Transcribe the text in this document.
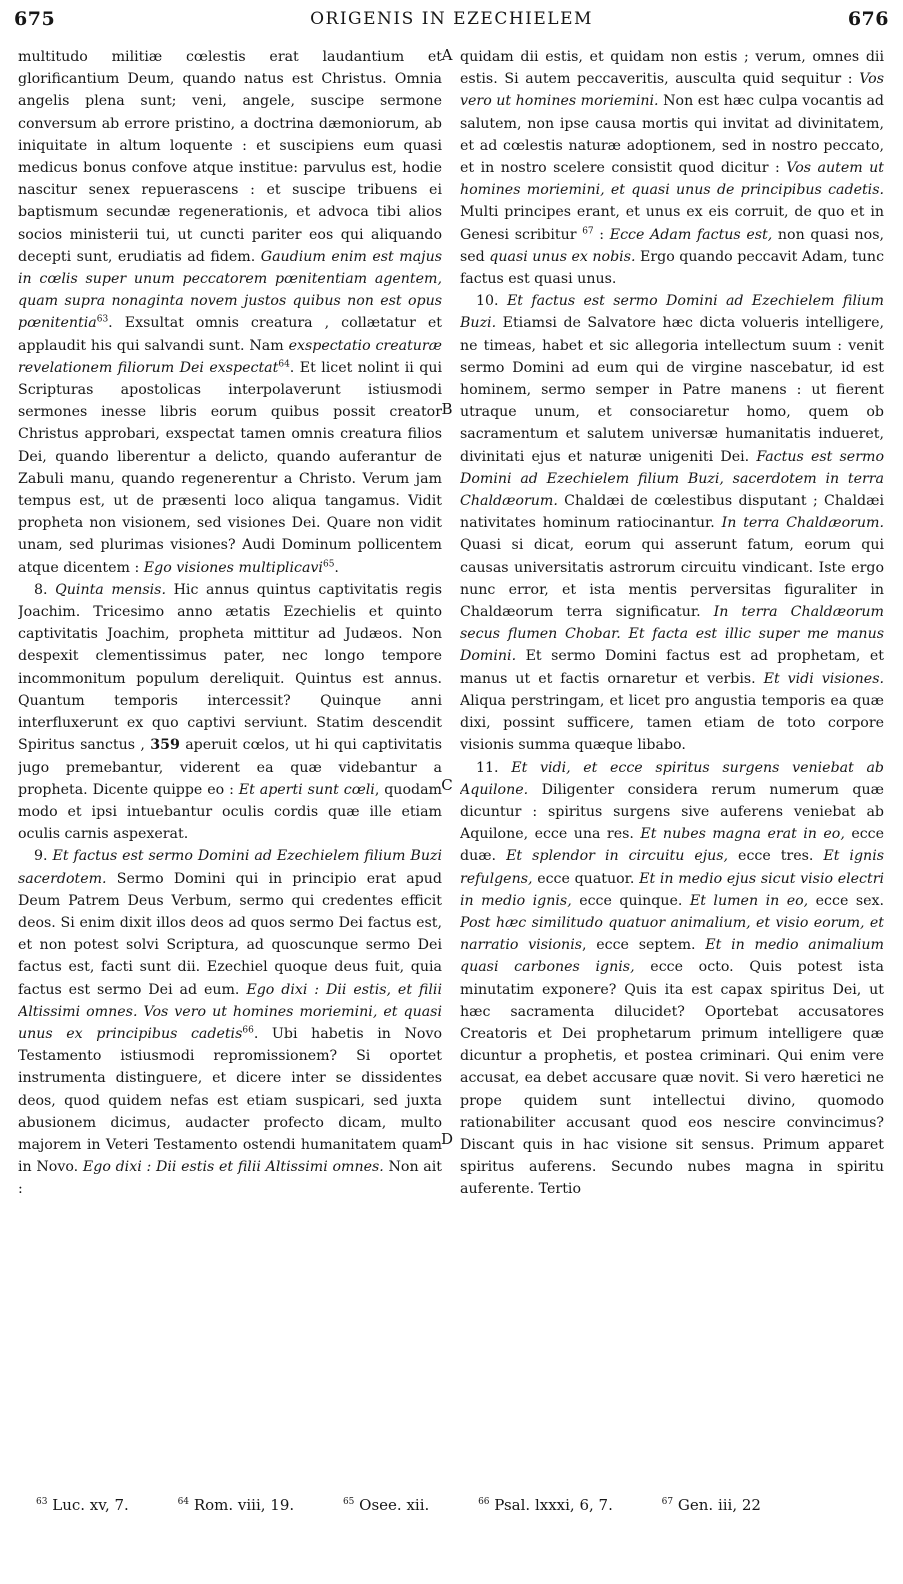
675	ORIGENIS IN EZECHIELEM	676
A
B
C
D

multitudo militiæ cœlestis erat laudantium et glorificantium Deum, quando natus est Christus. Omnia angelis plena sunt; veni, angele, suscipe sermone conversum ab errore pristino, a doctrina dæmoniorum, ab iniquitate in altum loquente : et suscipiens eum quasi medicus bonus confove atque institue: parvulus est, hodie nascitur senex repuerascens : et suscipe tribuens ei baptismum secundæ regenerationis, et advoca tibi alios socios ministerii tui, ut cuncti pariter eos qui aliquando decepti sunt, erudiatis ad fidem. Gaudium enim est majus in cœlis super unum peccatorem pœnitentiam agentem, quam supra nonaginta novem justos quibus non est opus pœnitentia$^{63}$. Exsultat omnis creatura , collætatur et applaudit his qui salvandi sunt. Nam exspectatio creaturæ revelationem filiorum Dei exspectat$^{64}$. Et licet nolint ii qui Scripturas apostolicas interpolaverunt istiusmodi sermones inesse libris eorum quibus possit creator Christus approbari, exspectat tamen omnis creatura filios Dei, quando liberentur a delicto, quando auferantur de Zabuli manu, quando regenerentur a Christo. Verum jam tempus est, ut de præsenti loco aliqua tangamus. Vidit propheta non visionem, sed visiones Dei. Quare non vidit unam, sed plurimas visiones? Audi Dominum pollicentem atque dicentem : Ego visiones multiplicavi$^{65}$.

8. Quinta mensis. Hic annus quintus captivitatis regis Joachim. Tricesimo anno ætatis Ezechielis et quinto captivitatis Joachim, propheta mittitur ad Judæos. Non despexit clementissimus pater, nec longo tempore incommonitum populum dereliquit. Quintus est annus. Quantum temporis intercessit? Quinque anni interfluxerunt ex quo captivi serviunt. Statim descendit Spiritus sanctus , 359 aperuit cœlos, ut hi qui captivitatis jugo premebantur, viderent ea quæ videbantur a propheta. Dicente quippe eo : Et aperti sunt cœli, quodam modo et ipsi intuebantur oculis cordis quæ ille etiam oculis carnis aspexerat.

9. Et factus est sermo Domini ad Ezechielem filium Buzi sacerdotem. Sermo Domini qui in principio erat apud Deum Patrem Deus Verbum, sermo qui credentes efficit deos. Si enim dixit illos deos ad quos sermo Dei factus est, et non potest solvi Scriptura, ad quoscunque sermo Dei factus est, facti sunt dii. Ezechiel quoque deus fuit, quia factus est sermo Dei ad eum. Ego dixi : Dii estis, et filii Altissimi omnes. Vos vero ut homines moriemini, et quasi unus ex principibus cadetis$^{66}$. Ubi habetis in Novo Testamento istiusmodi repromissionem? Si oportet instrumenta distinguere, et dicere inter se dissidentes deos, quod quidem nefas est etiam suspicari, sed juxta abusionem dicimus, audacter profecto dicam, multo majorem in Veteri Testamento ostendi humanitatem quam in Novo. Ego dixi : Dii estis et filii Altissimi omnes. Non ait :

quidam dii estis, et quidam non estis ; verum, omnes dii estis. Si autem peccaveritis, ausculta quid sequitur : Vos vero ut homines moriemini. Non est hæc culpa vocantis ad salutem, non ipse causa mortis qui invitat ad divinitatem, et ad cœlestis naturæ adoptionem, sed in nostro peccato, et in nostro scelere consistit quod dicitur : Vos autem ut homines moriemini, et quasi unus de principibus cadetis. Multi principes erant, et unus ex eis corruit, de quo et in Genesi scribitur $^{67}$ : Ecce Adam factus est, non quasi nos, sed quasi unus ex nobis. Ergo quando peccavit Adam, tunc factus est quasi unus.

10. Et factus est sermo Domini ad Ezechielem filium Buzi. Etiamsi de Salvatore hæc dicta volueris intelligere, ne timeas, habet et sic allegoria intellectum suum : venit sermo Domini ad eum qui de virgine nascebatur, id est hominem, sermo semper in Patre manens : ut fierent utraque unum, et consociaretur homo, quem ob sacramentum et salutem universæ humanitatis indueret, divinitati ejus et naturæ unigeniti Dei. Factus est sermo Domini ad Ezechielem filium Buzi, sacerdotem in terra Chaldæorum. Chaldæi de cœlestibus disputant ; Chaldæi nativitates hominum ratiocinantur. In terra Chaldæorum. Quasi si dicat, eorum qui asserunt fatum, eorum qui causas universitatis astrorum circuitu vindicant. Iste ergo nunc error, et ista mentis perversitas figuraliter in Chaldæorum terra significatur. In terra Chaldæorum secus flumen Chobar. Et facta est illic super me manus Domini. Et sermo Domini factus est ad prophetam, et manus ut et factis ornaretur et verbis. Et vidi visiones. Aliqua perstringam, et licet pro angustia temporis ea quæ dixi, possint sufficere, tamen etiam de toto corpore visionis summa quæque libabo.

11. Et vidi, et ecce spiritus surgens veniebat ab Aquilone. Diligenter considera rerum numerum quæ dicuntur : spiritus surgens sive auferens veniebat ab Aquilone, ecce una res. Et nubes magna erat in eo, ecce duæ. Et splendor in circuitu ejus, ecce tres. Et ignis refulgens, ecce quatuor. Et in medio ejus sicut visio electri in medio ignis, ecce quinque. Et lumen in eo, ecce sex. Post hæc similitudo quatuor animalium, et visio eorum, et narratio visionis, ecce septem. Et in medio animalium quasi carbones ignis, ecce octo. Quis potest ista minutatim exponere? Quis ita est capax spiritus Dei, ut hæc sacramenta dilucidet? Oportebat accusatores Creatoris et Dei prophetarum primum intelligere quæ dicuntur a prophetis, et postea criminari. Qui enim vere accusat, ea debet accusare quæ novit. Si vero hæretici ne prope quidem sunt intellectui divino, quomodo rationabiliter accusant quod eos nescire convincimus? Discant quis in hac visione sit sensus. Primum apparet spiritus auferens. Secundo nubes magna in spiritu auferente. Tertio

$^{63}$ Luc. xv, 7.	$^{64}$ Rom. viii, 19.	$^{65}$ Osee. xii.	$^{66}$ Psal. lxxxi, 6, 7.	$^{67}$ Gen. iii, 22
